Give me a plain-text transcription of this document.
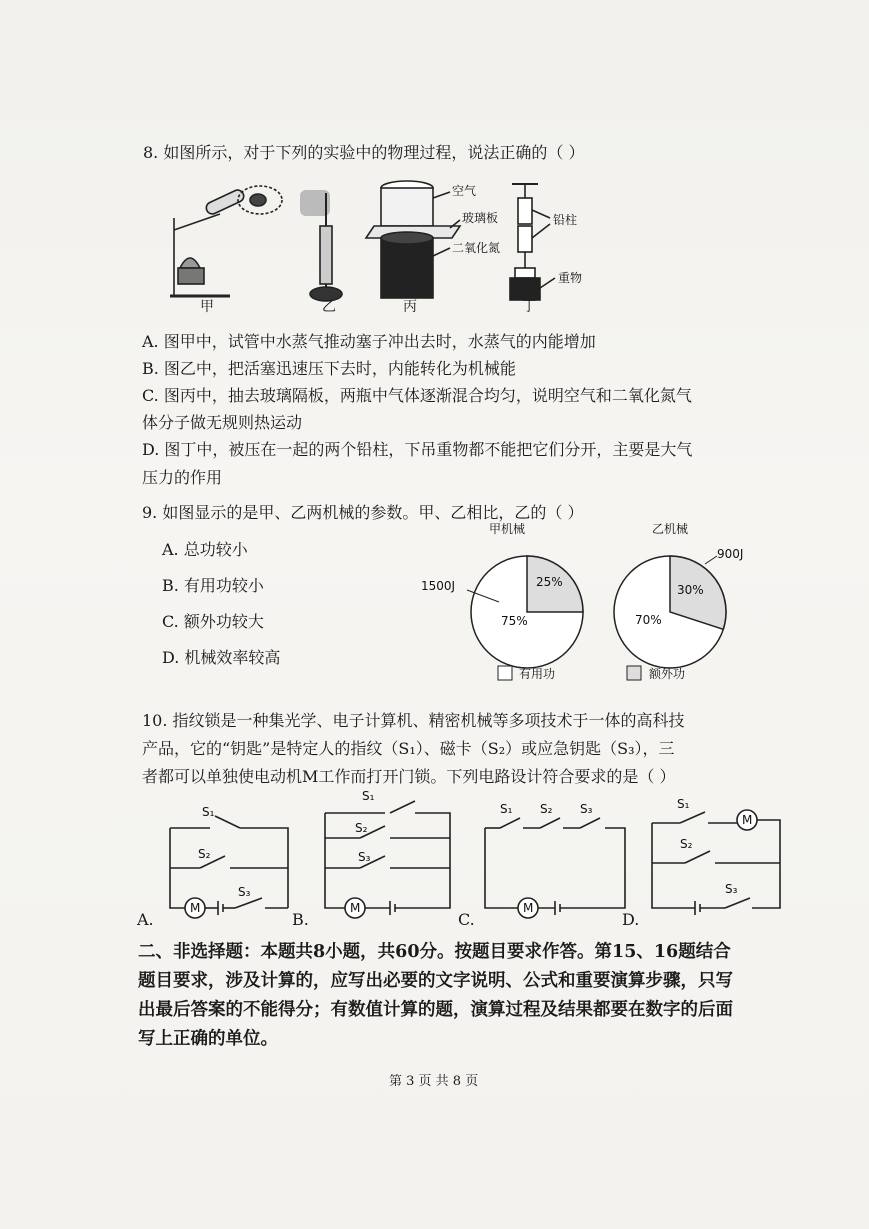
8. 如图所示，对于下列的实验中的物理过程，说法正确的（ ）
空气
玻璃板
二氧化氮
铅柱
重物
甲	乙	丙	丁
A. 图甲中，试管中水蒸气推动塞子冲出去时，水蒸气的内能增加
B. 图乙中，把活塞迅速压下去时，内能转化为机械能
C. 图丙中，抽去玻璃隔板，两瓶中气体逐渐混合均匀，说明空气和二氧化氮气
体分子做无规则热运动
D. 图丁中，被压在一起的两个铅柱，下吊重物都不能把它们分开，主要是大气
压力的作用
9. 如图显示的是甲、乙两机械的参数。甲、乙相比，乙的（ ）
A. 总功较小
B. 有用功较小
C. 额外功较大
D. 机械效率较高
甲机械	乙机械
1500J
900J
25%
75%
30%
70%
有用功	额外功
10. 指纹锁是一种集光学、电子计算机、精密机械等多项技术于一体的高科技
产品，它的“钥匙”是特定人的指纹（S₁）、磁卡（S₂）或应急钥匙（S₃），三
者都可以单独使电动机M工作而打开门锁。下列电路设计符合要求的是（ ）
M	M	M
M
S₁
S₂
S₃
S₁
S₂
S₃
S₁ S₂ S₃	S₁
S₂
S₃
A.	B.	C.	D.
二、非选择题：本题共8小题，共60分。按题目要求作答。第15、16题结合
题目要求，涉及计算的，应写出必要的文字说明、公式和重要演算步骤，只写
出最后答案的不能得分；有数值计算的题，演算过程及结果都要在数字的后面
写上正确的单位。
第 3 页 共 8 页
